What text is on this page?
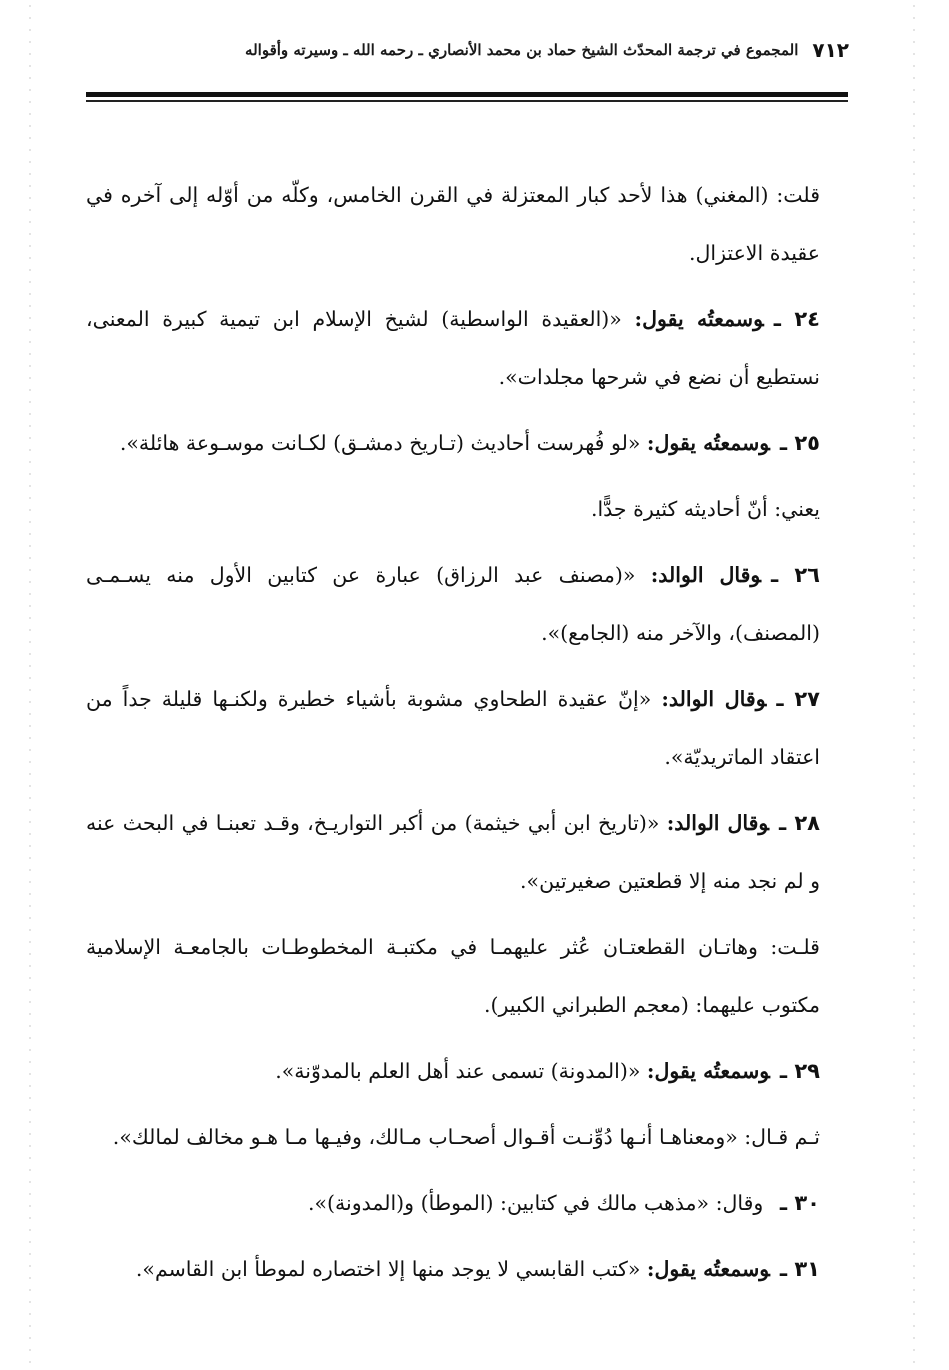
٧١٢
المجموع في ترجمة المحدّث الشيخ حماد بن محمد الأنصاري ـ رحمه الله ـ وسيرته وأقواله

قلت: (المغني) هذا لأحد كبار المعتزلة في القرن الخامس، وكلّه من أوّله إلى آخره في عقيدة الاعتزال.

٢٤ ـوسمعتُه يقول: «(العقيدة الواسطية) لشيخ الإسلام ابن تيمية كبيرة المعنى، نستطيع أن نضع في شرحها مجلدات».

٢٥ ـوسمعتُه يقول: «لو فُهرست أحاديث (تـاريخ دمشـق) لكـانت موسـوعة هائلة».

يعني: أنّ أحاديثه كثيرة جدًّا.

٢٦ ـوقال الوالد: «(مصنف عبد الرزاق) عبارة عن كتابين الأول منه يسـمـى (المصنف)، والآخر منه (الجامع)».

٢٧ ـوقال الوالد: «إنّ عقيدة الطحاوي مشوبة بأشياء خطيرة ولكنـها قليلة جداً من اعتقاد الماتريديّة».

٢٨ ـوقال الوالد: «(تاريخ ابن أبي خيثمة) من أكبر التواريـخ، وقـد تعبنـا في البحث عنه و لم نجد منه إلا قطعتين صغيرتين».

قلـت: وهاتـان القطعتـان عُثر عليهمـا في مكتبـة المخطوطـات بالجامعـة الإسلامية مكتوب عليهما: (معجم الطبراني الكبير).

٢٩ ـوسمعتُه يقول: «(المدونة) تسمى عند أهل العلم بالمدوّنة».

ثـم قـال: «ومعناهـا أنـها دُوِّنـت أقـوال أصحـاب مـالك، وفيـها مـا هـو مخالف لمالك».

٣٠ ـ وقال: «مذهب مالك في كتابين: (الموطأ) و(المدونة)».

٣١ ـوسمعتُه يقول: «كتب القابسي لا يوجد منها إلا اختصاره لموطأ ابن القاسم».
